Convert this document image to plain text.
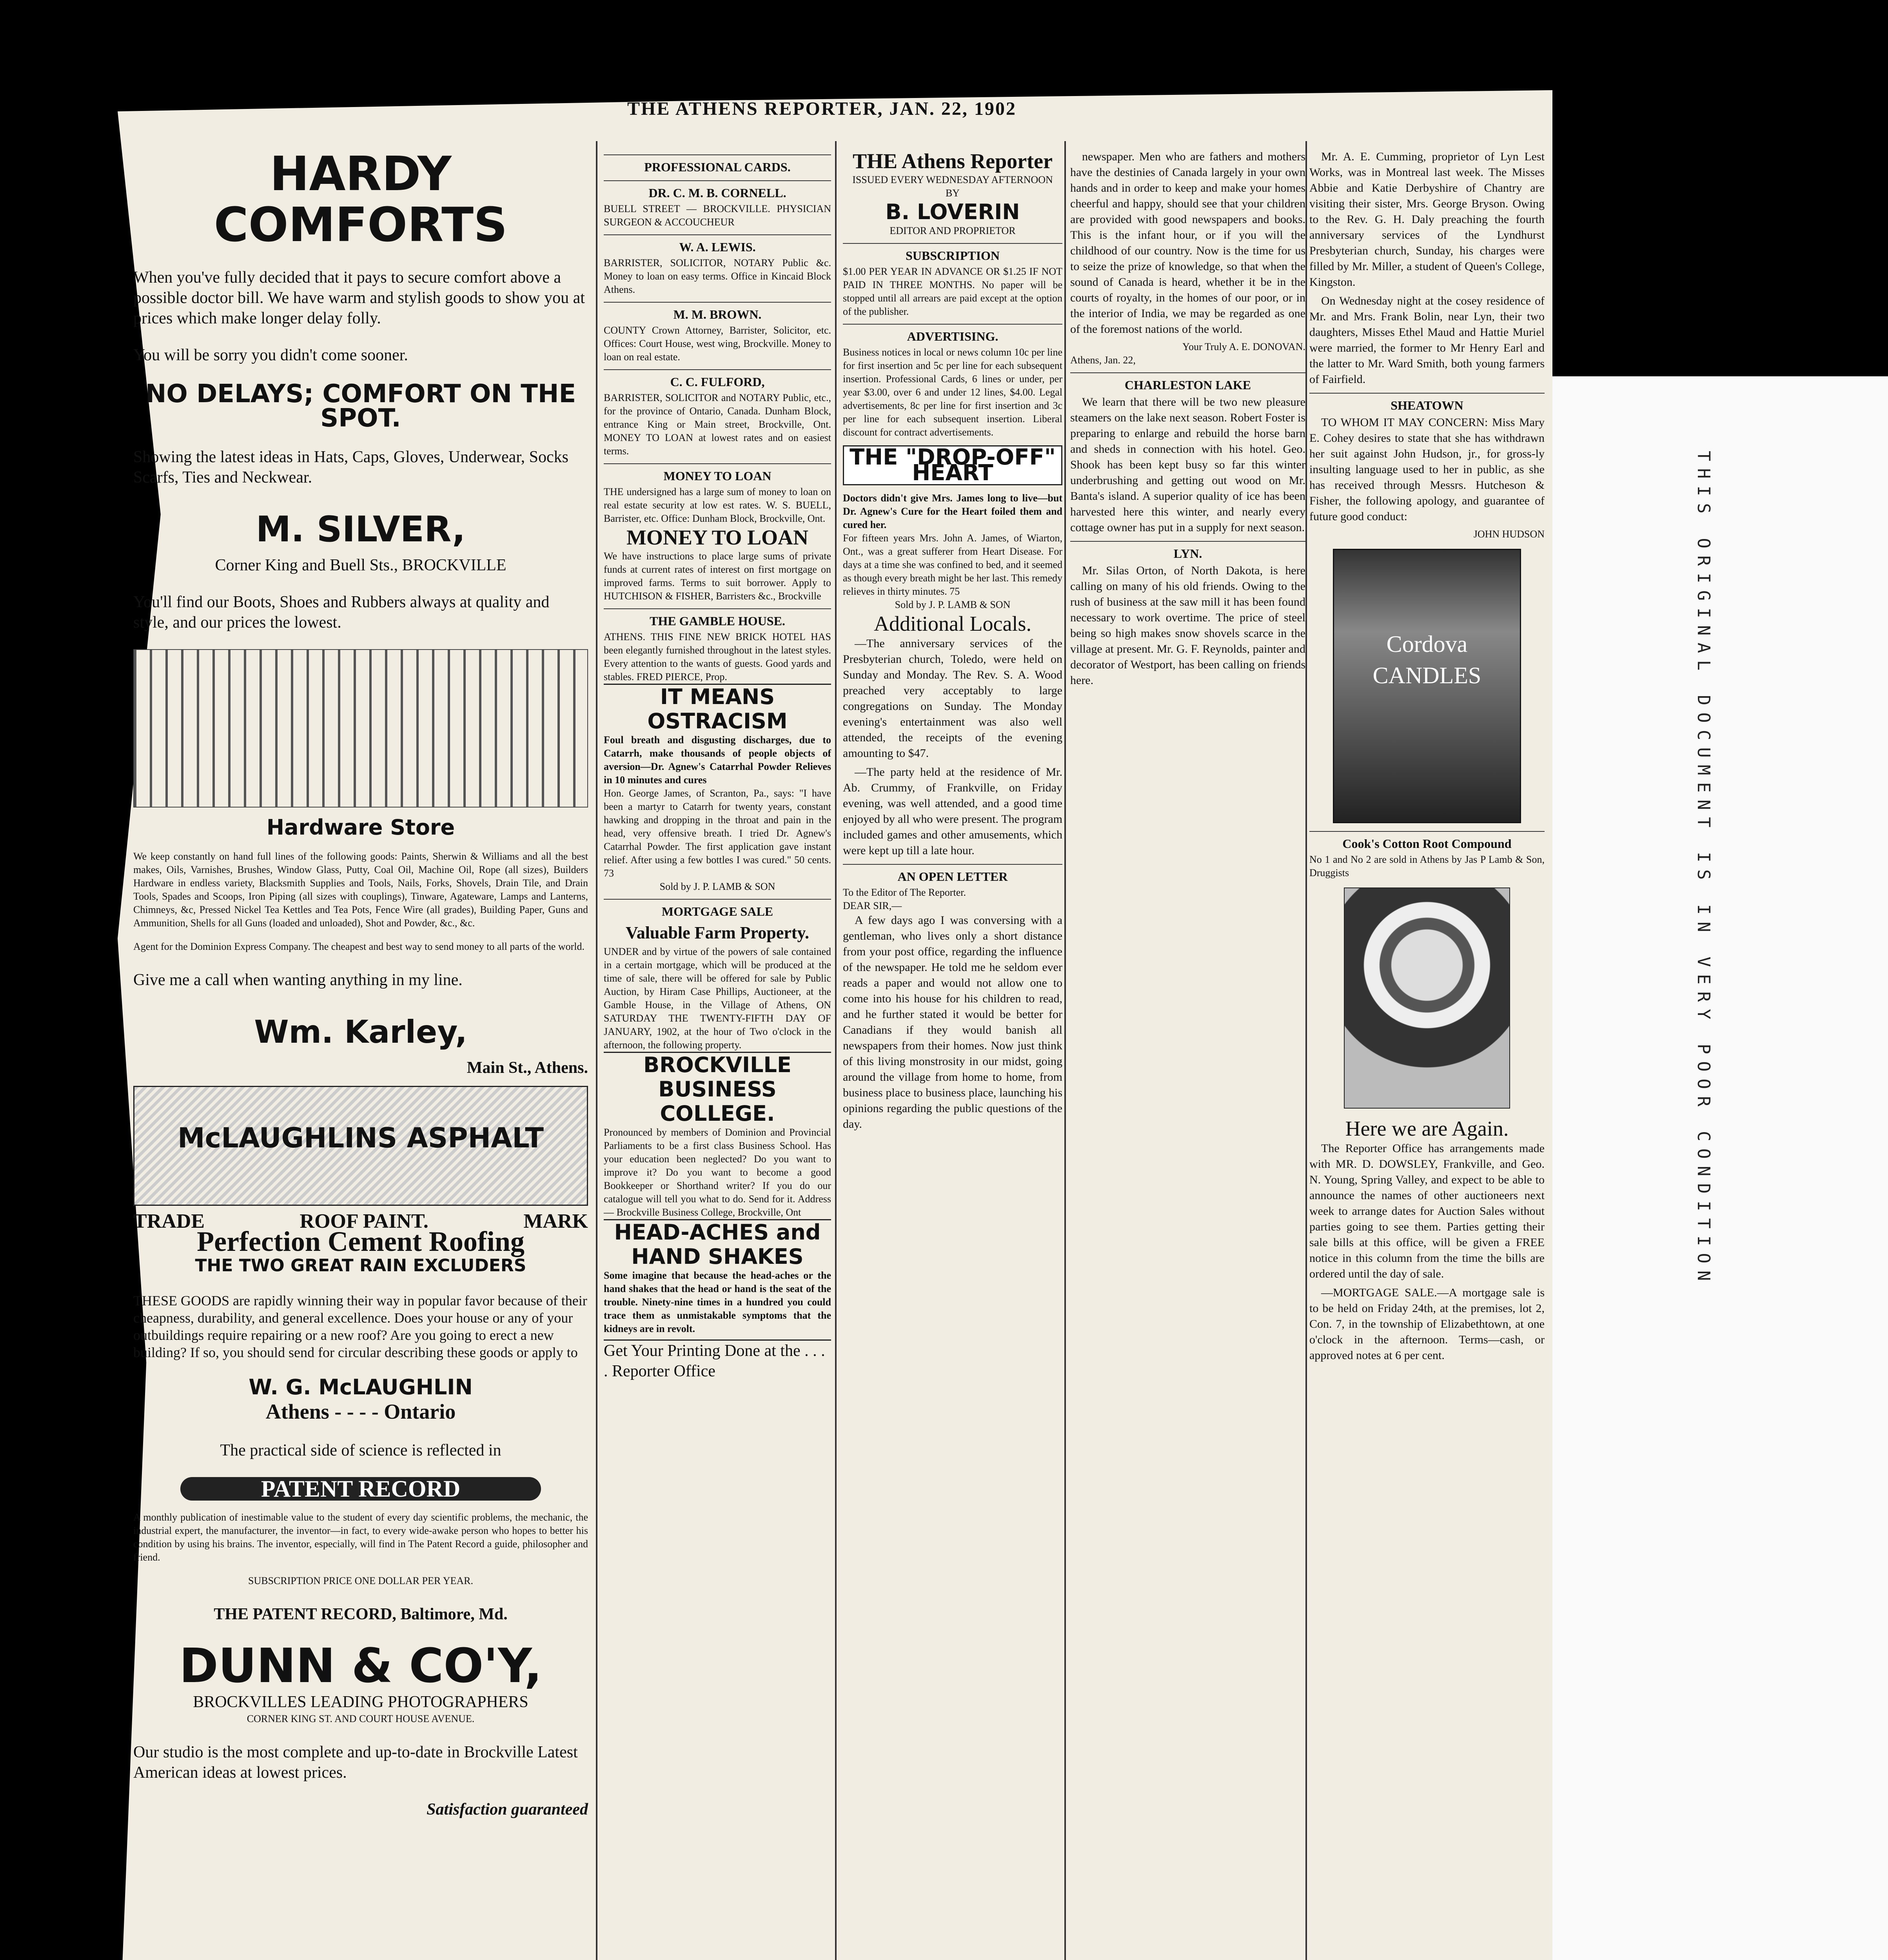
THIS ORIGINAL DOCUMENT IS IN VERY POOR CONDITION
THE ATHENS REPORTER, JAN. 22, 1902
HARDY COMFORTS

When you've fully decided that it pays to secure comfort above a possible doctor bill. We have warm and stylish goods to show you at prices which make longer delay folly.

You will be sorry you didn't come sooner.

NO DELAYS; COMFORT ON THE SPOT.

Showing the latest ideas in Hats, Caps, Gloves, Underwear, Socks Scarfs, Ties and Neckwear.

M. SILVER,
Corner King and Buell Sts., BROCKVILLE

You'll find our Boots, Shoes and Rubbers always at quality and style, and our prices the lowest.

Hardware Store

We keep constantly on hand full lines of the following goods: Paints, Sherwin & Williams and all the best makes, Oils, Varnishes, Brushes, Window Glass, Putty, Coal Oil, Machine Oil, Rope (all sizes), Builders Hardware in endless variety, Blacksmith Supplies and Tools, Nails, Forks, Shovels, Drain Tile, and Drain Tools, Spades and Scoops, Iron Piping (all sizes with couplings), Tinware, Agateware, Lamps and Lanterns, Chimneys, &c, Pressed Nickel Tea Kettles and Tea Pots, Fence Wire (all grades), Building Paper, Guns and Ammunition, Shells for all Guns (loaded and unloaded), Shot and Powder, &c., &c.

Agent for the Dominion Express Company. The cheapest and best way to send money to all parts of the world.

Give me a call when wanting anything in my line.

Wm. Karley,
Main St., Athens.
McLAUGHLINS ASPHALT
TRADE	ROOF PAINT.	MARK
Perfection Cement Roofing
THE TWO GREAT RAIN EXCLUDERS

THESE GOODS are rapidly winning their way in popular favor because of their cheapness, durability, and general excellence. Does your house or any of your outbuildings require repairing or a new roof? Are you going to erect a new building? If so, you should send for circular describing these goods or apply to

W. G. McLAUGHLIN
Athens - - - - Ontario

The practical side of science is reflected in

PATENT RECORD

A monthly publication of inestimable value to the student of every day scientific problems, the mechanic, the industrial expert, the manufacturer, the inventor—in fact, to every wide-awake person who hopes to better his condition by using his brains. The inventor, especially, will find in The Patent Record a guide, philosopher and friend.

SUBSCRIPTION PRICE ONE DOLLAR PER YEAR.

THE PATENT RECORD, Baltimore, Md.

DUNN & CO'Y,
BROCKVILLES LEADING PHOTOGRAPHERS
CORNER KING ST. AND COURT HOUSE AVENUE.

Our studio is the most complete and up-to-date in Brockville Latest American ideas at lowest prices.

Satisfaction guaranteed
PROFESSIONAL CARDS.
DR. C. M. B. CORNELL.
BUELL STREET — BROCKVILLE. PHYSICIAN SURGEON & ACCOUCHEUR
W. A. LEWIS.
BARRISTER, SOLICITOR, NOTARY Public &c. Money to loan on easy terms. Office in Kincaid Block Athens.
M. M. BROWN.
COUNTY Crown Attorney, Barrister, Solicitor, etc. Offices: Court House, west wing, Brockville. Money to loan on real estate.
C. C. FULFORD,
BARRISTER, SOLICITOR and NOTARY Public, etc., for the province of Ontario, Canada. Dunham Block, entrance King or Main street, Brockville, Ont. MONEY TO LOAN at lowest rates and on easiest terms.
MONEY TO LOAN
THE undersigned has a large sum of money to loan on real estate security at low est rates. W. S. BUELL, Barrister, etc. Office: Dunham Block, Brockville, Ont.
MONEY TO LOAN
We have instructions to place large sums of private funds at current rates of interest on first mortgage on improved farms. Terms to suit borrower. Apply to HUTCHISON & FISHER, Barristers &c., Brockville
THE GAMBLE HOUSE.
ATHENS. THIS FINE NEW BRICK HOTEL HAS been elegantly furnished throughout in the latest styles. Every attention to the wants of guests. Good yards and stables. FRED PIERCE, Prop.
IT MEANS OSTRACISM
Foul breath and disgusting discharges, due to Catarrh, make thousands of people objects of aversion—Dr. Agnew's Catarrhal Powder Relieves in 10 minutes and cures
Hon. George James, of Scranton, Pa., says: "I have been a martyr to Catarrh for twenty years, constant hawking and dropping in the throat and pain in the head, very offensive breath. I tried Dr. Agnew's Catarrhal Powder. The first application gave instant relief. After using a few bottles I was cured." 50 cents. 73
Sold by J. P. LAMB & SON
MORTGAGE SALE
Valuable Farm Property.
UNDER and by virtue of the powers of sale contained in a certain mortgage, which will be produced at the time of sale, there will be offered for sale by Public Auction, by Hiram Case Phillips, Auctioneer, at the Gamble House, in the Village of Athens, ON SATURDAY THE TWENTY-FIFTH DAY OF JANUARY, 1902, at the hour of Two o'clock in the afternoon, the following property.
BROCKVILLE BUSINESS COLLEGE.
Pronounced by members of Dominion and Provincial Parliaments to be a first class Business School. Has your education been neglected? Do you want to improve it? Do you want to become a good Bookkeeper or Shorthand writer? If you do our catalogue will tell you what to do. Send for it. Address— Brockville Business College, Brockville, Ont
HEAD-ACHES and HAND SHAKES
Some imagine that because the head-aches or the hand shakes that the head or hand is the seat of the trouble. Ninety-nine times in a hundred you could trace them as unmistakable symptoms that the kidneys are in revolt.
Get Your Printing Done at the . . . . Reporter Office
THE Athens Reporter
ISSUED EVERY WEDNESDAY AFTERNOON
BY
B. LOVERIN
EDITOR AND PROPRIETOR
SUBSCRIPTION
$1.00 PER YEAR IN ADVANCE OR $1.25 IF NOT PAID IN THREE MONTHS. No paper will be stopped until all arrears are paid except at the option of the publisher.
ADVERTISING.
Business notices in local or news column 10c per line for first insertion and 5c per line for each subsequent insertion. Professional Cards, 6 lines or under, per year $3.00, over 6 and under 12 lines, $4.00. Legal advertisements, 8c per line for first insertion and 3c per line for each subsequent insertion. Liberal discount for contract advertisements.
THE "DROP-OFF" HEART
Doctors didn't give Mrs. James long to live—but Dr. Agnew's Cure for the Heart foiled them and cured her.
For fifteen years Mrs. John A. James, of Wiarton, Ont., was a great sufferer from Heart Disease. For days at a time she was confined to bed, and it seemed as though every breath might be her last. This remedy relieves in thirty minutes. 75
Sold by J. P. LAMB & SON
Additional Locals.

—The anniversary services of the Presbyterian church, Toledo, were held on Sunday and Monday. The Rev. S. A. Wood preached very acceptably to large congregations on Sunday. The Monday evening's entertainment was also well attended, the receipts of the evening amounting to $47.

—The party held at the residence of Mr. Ab. Crummy, of Frankville, on Friday evening, was well attended, and a good time enjoyed by all who were present. The program included games and other amusements, which were kept up till a late hour.

AN OPEN LETTER
To the Editor of The Reporter.
DEAR SIR,—

A few days ago I was conversing with a gentleman, who lives only a short distance from your post office, regarding the influence of the newspaper. He told me he seldom ever reads a paper and would not allow one to come into his house for his children to read, and he further stated it would be better for Canadians if they would banish all newspapers from their homes. Now just think of this living monstrosity in our midst, going around the village from home to home, from business place to business place, launching his opinions regarding the public questions of the day.

newspaper. Men who are fathers and mothers have the destinies of Canada largely in your own hands and in order to keep and make your homes cheerful and happy, should see that your children are provided with good newspapers and books. This is the infant hour, or if you will the childhood of our country. Now is the time for us to seize the prize of knowledge, so that when the sound of Canada is heard, whether it be in the courts of royalty, in the homes of our poor, or in the interior of India, we may be regarded as one of the foremost nations of the world.

Your Truly A. E. DONOVAN.
Athens, Jan. 22,
CHARLESTON LAKE

We learn that there will be two new pleasure steamers on the lake next season. Robert Foster is preparing to enlarge and rebuild the horse barn and sheds in connection with his hotel. Geo. Shook has been kept busy so far this winter underbrushing and getting out wood on Mr. Banta's island. A superior quality of ice has been harvested here this winter, and nearly every cottage owner has put in a supply for next season.

LYN.

Mr. Silas Orton, of North Dakota, is here calling on many of his old friends. Owing to the rush of business at the saw mill it has been found necessary to work overtime. The price of steel being so high makes snow shovels scarce in the village at present. Mr. G. F. Reynolds, painter and decorator of Westport, has been calling on friends here.

Mr. A. E. Cumming, proprietor of Lyn Lest Works, was in Montreal last week. The Misses Abbie and Katie Derbyshire of Chantry are visiting their sister, Mrs. George Bryson. Owing to the Rev. G. H. Daly preaching the fourth anniversary services of the Lyndhurst Presbyterian church, Sunday, his charges were filled by Mr. Miller, a student of Queen's College, Kingston.

On Wednesday night at the cosey residence of Mr. and Mrs. Frank Bolin, near Lyn, their two daughters, Misses Ethel Maud and Hattie Muriel were married, the former to Mr Henry Earl and the latter to Mr. Ward Smith, both young farmers of Fairfield.

SHEATOWN

TO WHOM IT MAY CONCERN: Miss Mary E. Cohey desires to state that she has withdrawn her suit against John Hudson, jr., for gross-ly insulting language used to her in public, as she has received through Messrs. Hutcheson & Fisher, the following apology, and guarantee of future good conduct:

JOHN HUDSON
Cordova CANDLES
Cook's Cotton Root Compound
No 1 and No 2 are sold in Athens by Jas P Lamb & Son, Druggists
Here we are Again.

The Reporter Office has arrangements made with MR. D. DOWSLEY, Frankville, and Geo. N. Young, Spring Valley, and expect to be able to announce the names of other auctioneers next week to arrange dates for Auction Sales without parties going to see them. Parties getting their sale bills at this office, will be given a FREE notice in this column from the time the bills are ordered until the day of sale.

—MORTGAGE SALE.—A mortgage sale is to be held on Friday 24th, at the premises, lot 2, Con. 7, in the township of Elizabethtown, at one o'clock in the afternoon. Terms—cash, or approved notes at 6 per cent.
